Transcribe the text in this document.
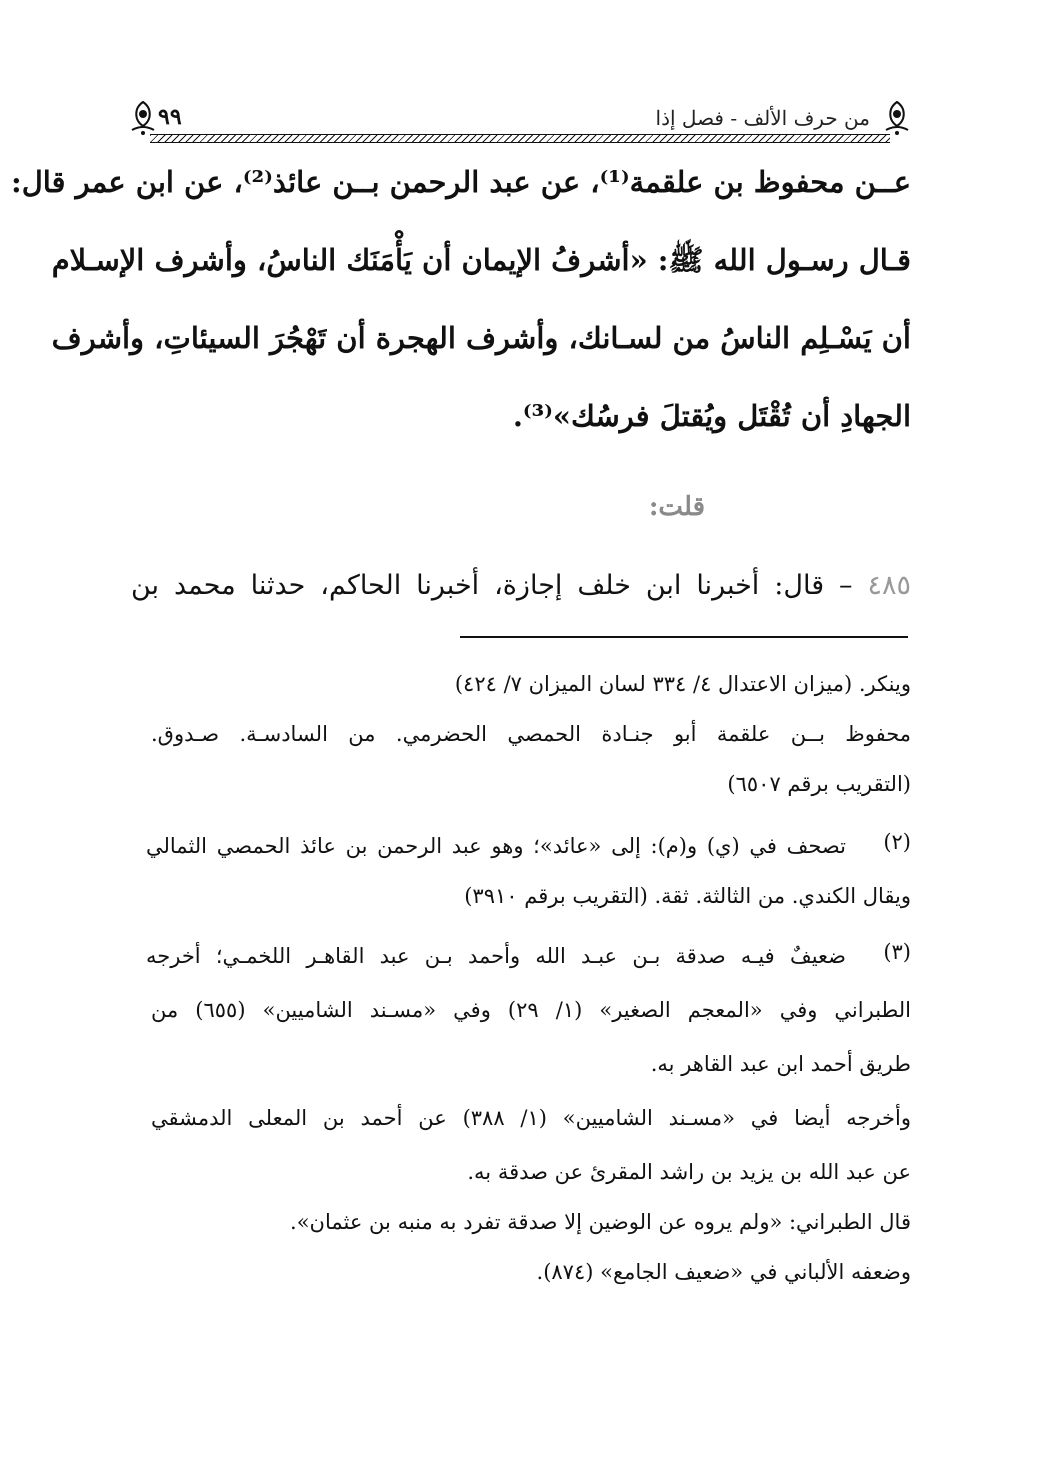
من حرف الألف - فصل إذا
٩٩
عــن محفوظ بن علقمة⁽¹⁾، عن عبد الرحمن بــن عائذ⁽²⁾، عن ابن عمر قال:
قـال رسـول الله ﷺ: «أشرفُ الإيمان أن يَأْمَنَك الناسُ، وأشرف الإسـلام
أن يَسْـلِم الناسُ من لسـانك، وأشرف الهجرة أن تَهْجُرَ السيئاتِ، وأشرف
الجهادِ أن تُقْتَل ويُقتلَ فرسُك»⁽³⁾.
قلت:
٤٨٥ – قال: أخبرنا ابن خلف إجازة، أخبرنا الحاكم، حدثنا محمد بن
وينكر. (ميزان الاعتدال ٤/ ٣٣٤ لسان الميزان ٧/ ٤٢٤)
محفوظ بــن علقمة أبو جنـادة الحمصي الحضرمي. من السادسـة. صـدوق.
(التقريب برقم ٦٥٠٧)
(٢)
تصحف في (ي) و(م): إلى «عائد»؛ وهو عبد الرحمن بن عائذ الحمصي الثمالي
ويقال الكندي. من الثالثة. ثقة. (التقريب برقم ٣٩١٠)
(٣)
ضعيفٌ فيـه صدقة بـن عبـد الله وأحمد بـن عبد القاهـر اللخمـي؛ أخرجه
الطبراني وفي «المعجم الصغير» (١/ ٢٩) وفي «مسـند الشاميين» (٦٥٥) من
طريق أحمد ابن عبد القاهر به.
وأخرجه أيضا في «مسـند الشاميين» (١/ ٣٨٨) عن أحمد بن المعلى الدمشقي
عن عبد الله بن يزيد بن راشد المقرئ عن صدقة به.
قال الطبراني: «ولم يروه عن الوضين إلا صدقة تفرد به منبه بن عثمان».
وضعفه الألباني في «ضعيف الجامع» (٨٧٤).
